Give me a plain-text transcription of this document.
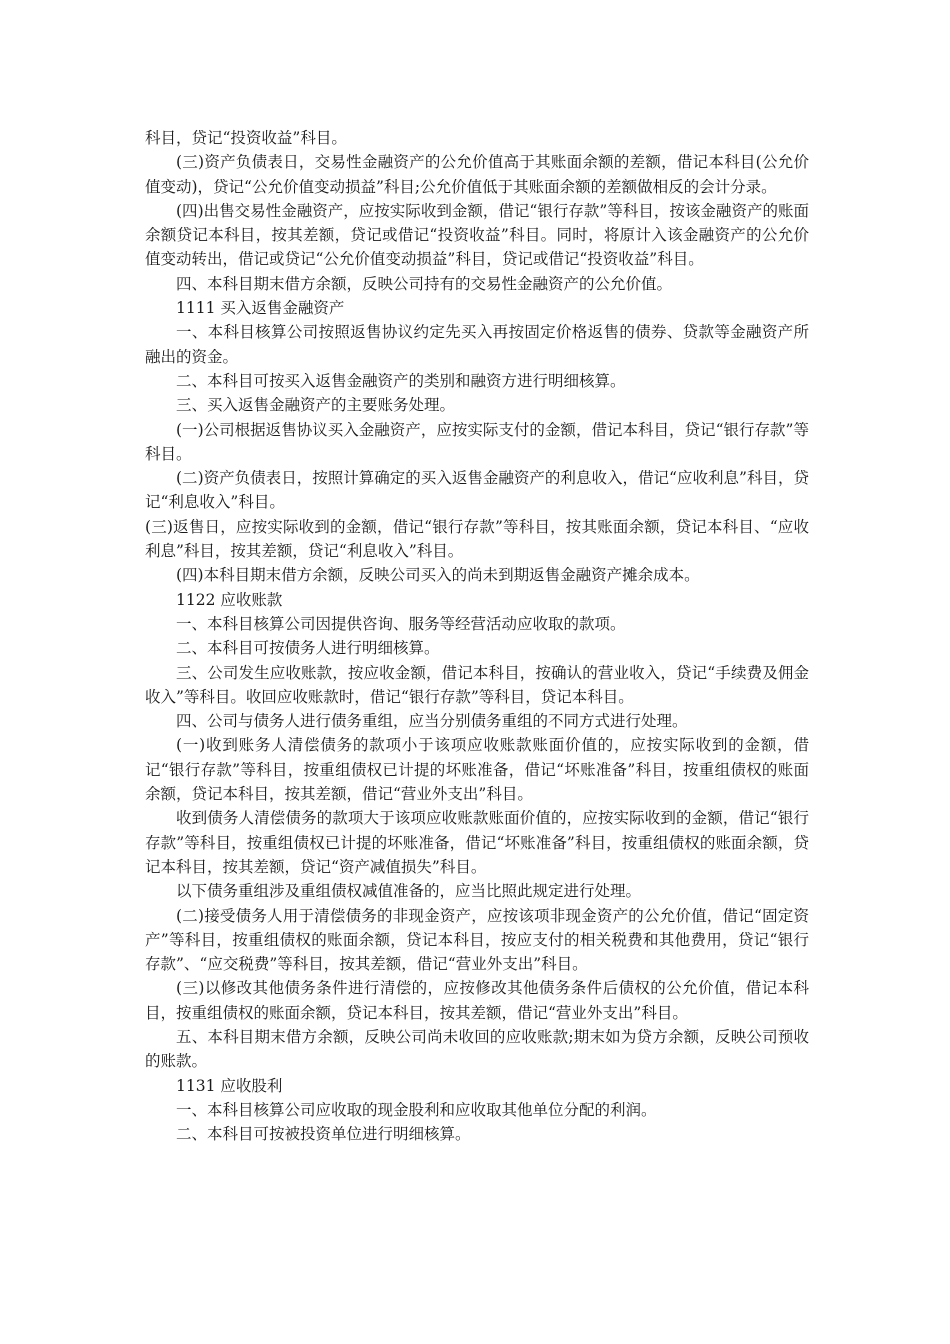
科目，贷记“投资收益”科目。

(三)资产负债表日，交易性金融资产的公允价值高于其账面余额的差额，借记本科目(公允价值变动)，贷记“公允价值变动损益”科目;公允价值低于其账面余额的差额做相反的会计分录。

(四)出售交易性金融资产，应按实际收到金额，借记“银行存款”等科目，按该金融资产的账面余额贷记本科目，按其差额，贷记或借记“投资收益”科目。同时，将原计入该金融资产的公允价值变动转出，借记或贷记“公允价值变动损益”科目，贷记或借记“投资收益”科目。

四、本科目期末借方余额，反映公司持有的交易性金融资产的公允价值。

1111 买入返售金融资产

一、本科目核算公司按照返售协议约定先买入再按固定价格返售的债券、贷款等金融资产所融出的资金。

二、本科目可按买入返售金融资产的类别和融资方进行明细核算。

三、买入返售金融资产的主要账务处理。

(一)公司根据返售协议买入金融资产，应按实际支付的金额，借记本科目，贷记“银行存款”等科目。

(二)资产负债表日，按照计算确定的买入返售金融资产的利息收入，借记“应收利息”科目，贷记“利息收入”科目。

(三)返售日，应按实际收到的金额，借记“银行存款”等科目，按其账面余额，贷记本科目、“应收利息”科目，按其差额，贷记“利息收入”科目。

(四)本科目期末借方余额，反映公司买入的尚未到期返售金融资产摊余成本。

1122 应收账款

一、本科目核算公司因提供咨询、服务等经营活动应收取的款项。

二、本科目可按债务人进行明细核算。

三、公司发生应收账款，按应收金额，借记本科目，按确认的营业收入，贷记“手续费及佣金收入”等科目。收回应收账款时，借记“银行存款”等科目，贷记本科目。

四、公司与债务人进行债务重组，应当分别债务重组的不同方式进行处理。

(一)收到账务人清偿债务的款项小于该项应收账款账面价值的，应按实际收到的金额，借记“银行存款”等科目，按重组债权已计提的坏账准备，借记“坏账准备”科目，按重组债权的账面余额，贷记本科目，按其差额，借记“营业外支出”科目。

收到债务人清偿债务的款项大于该项应收账款账面价值的，应按实际收到的金额，借记“银行存款”等科目，按重组债权已计提的坏账准备，借记“坏账准备”科目，按重组债权的账面余额，贷记本科目，按其差额，贷记“资产减值损失”科目。

以下债务重组涉及重组债权减值准备的，应当比照此规定进行处理。

(二)接受债务人用于清偿债务的非现金资产，应按该项非现金资产的公允价值，借记“固定资产”等科目，按重组债权的账面余额，贷记本科目，按应支付的相关税费和其他费用，贷记“银行存款”、“应交税费”等科目，按其差额，借记“营业外支出”科目。

(三)以修改其他债务条件进行清偿的，应按修改其他债务条件后债权的公允价值，借记本科目，按重组债权的账面余额，贷记本科目，按其差额，借记“营业外支出”科目。

五、本科目期末借方余额，反映公司尚未收回的应收账款;期末如为贷方余额，反映公司预收的账款。

1131 应收股利

一、本科目核算公司应收取的现金股利和应收取其他单位分配的利润。

二、本科目可按被投资单位进行明细核算。
